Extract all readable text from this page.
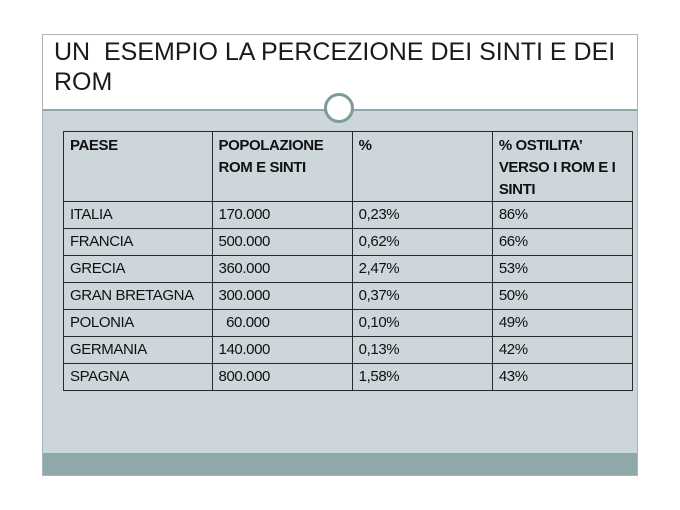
UN  ESEMPIO LA PERCEZIONE DEI SINTI E DEI ROM
PAESE	POPOLAZIONE ROM E SINTI	%	% OSTILITA’ VERSO I ROM E I SINTI
ITALIA	170.000	0,23%	86%
FRANCIA	500.000	0,62%	66%
GRECIA	360.000	2,47%	53%
GRAN BRETAGNA	300.000	0,37%	50%
POLONIA	60.000	0,10%	49%
GERMANIA	140.000	0,13%	42%
SPAGNA	800.000	1,58%	43%
